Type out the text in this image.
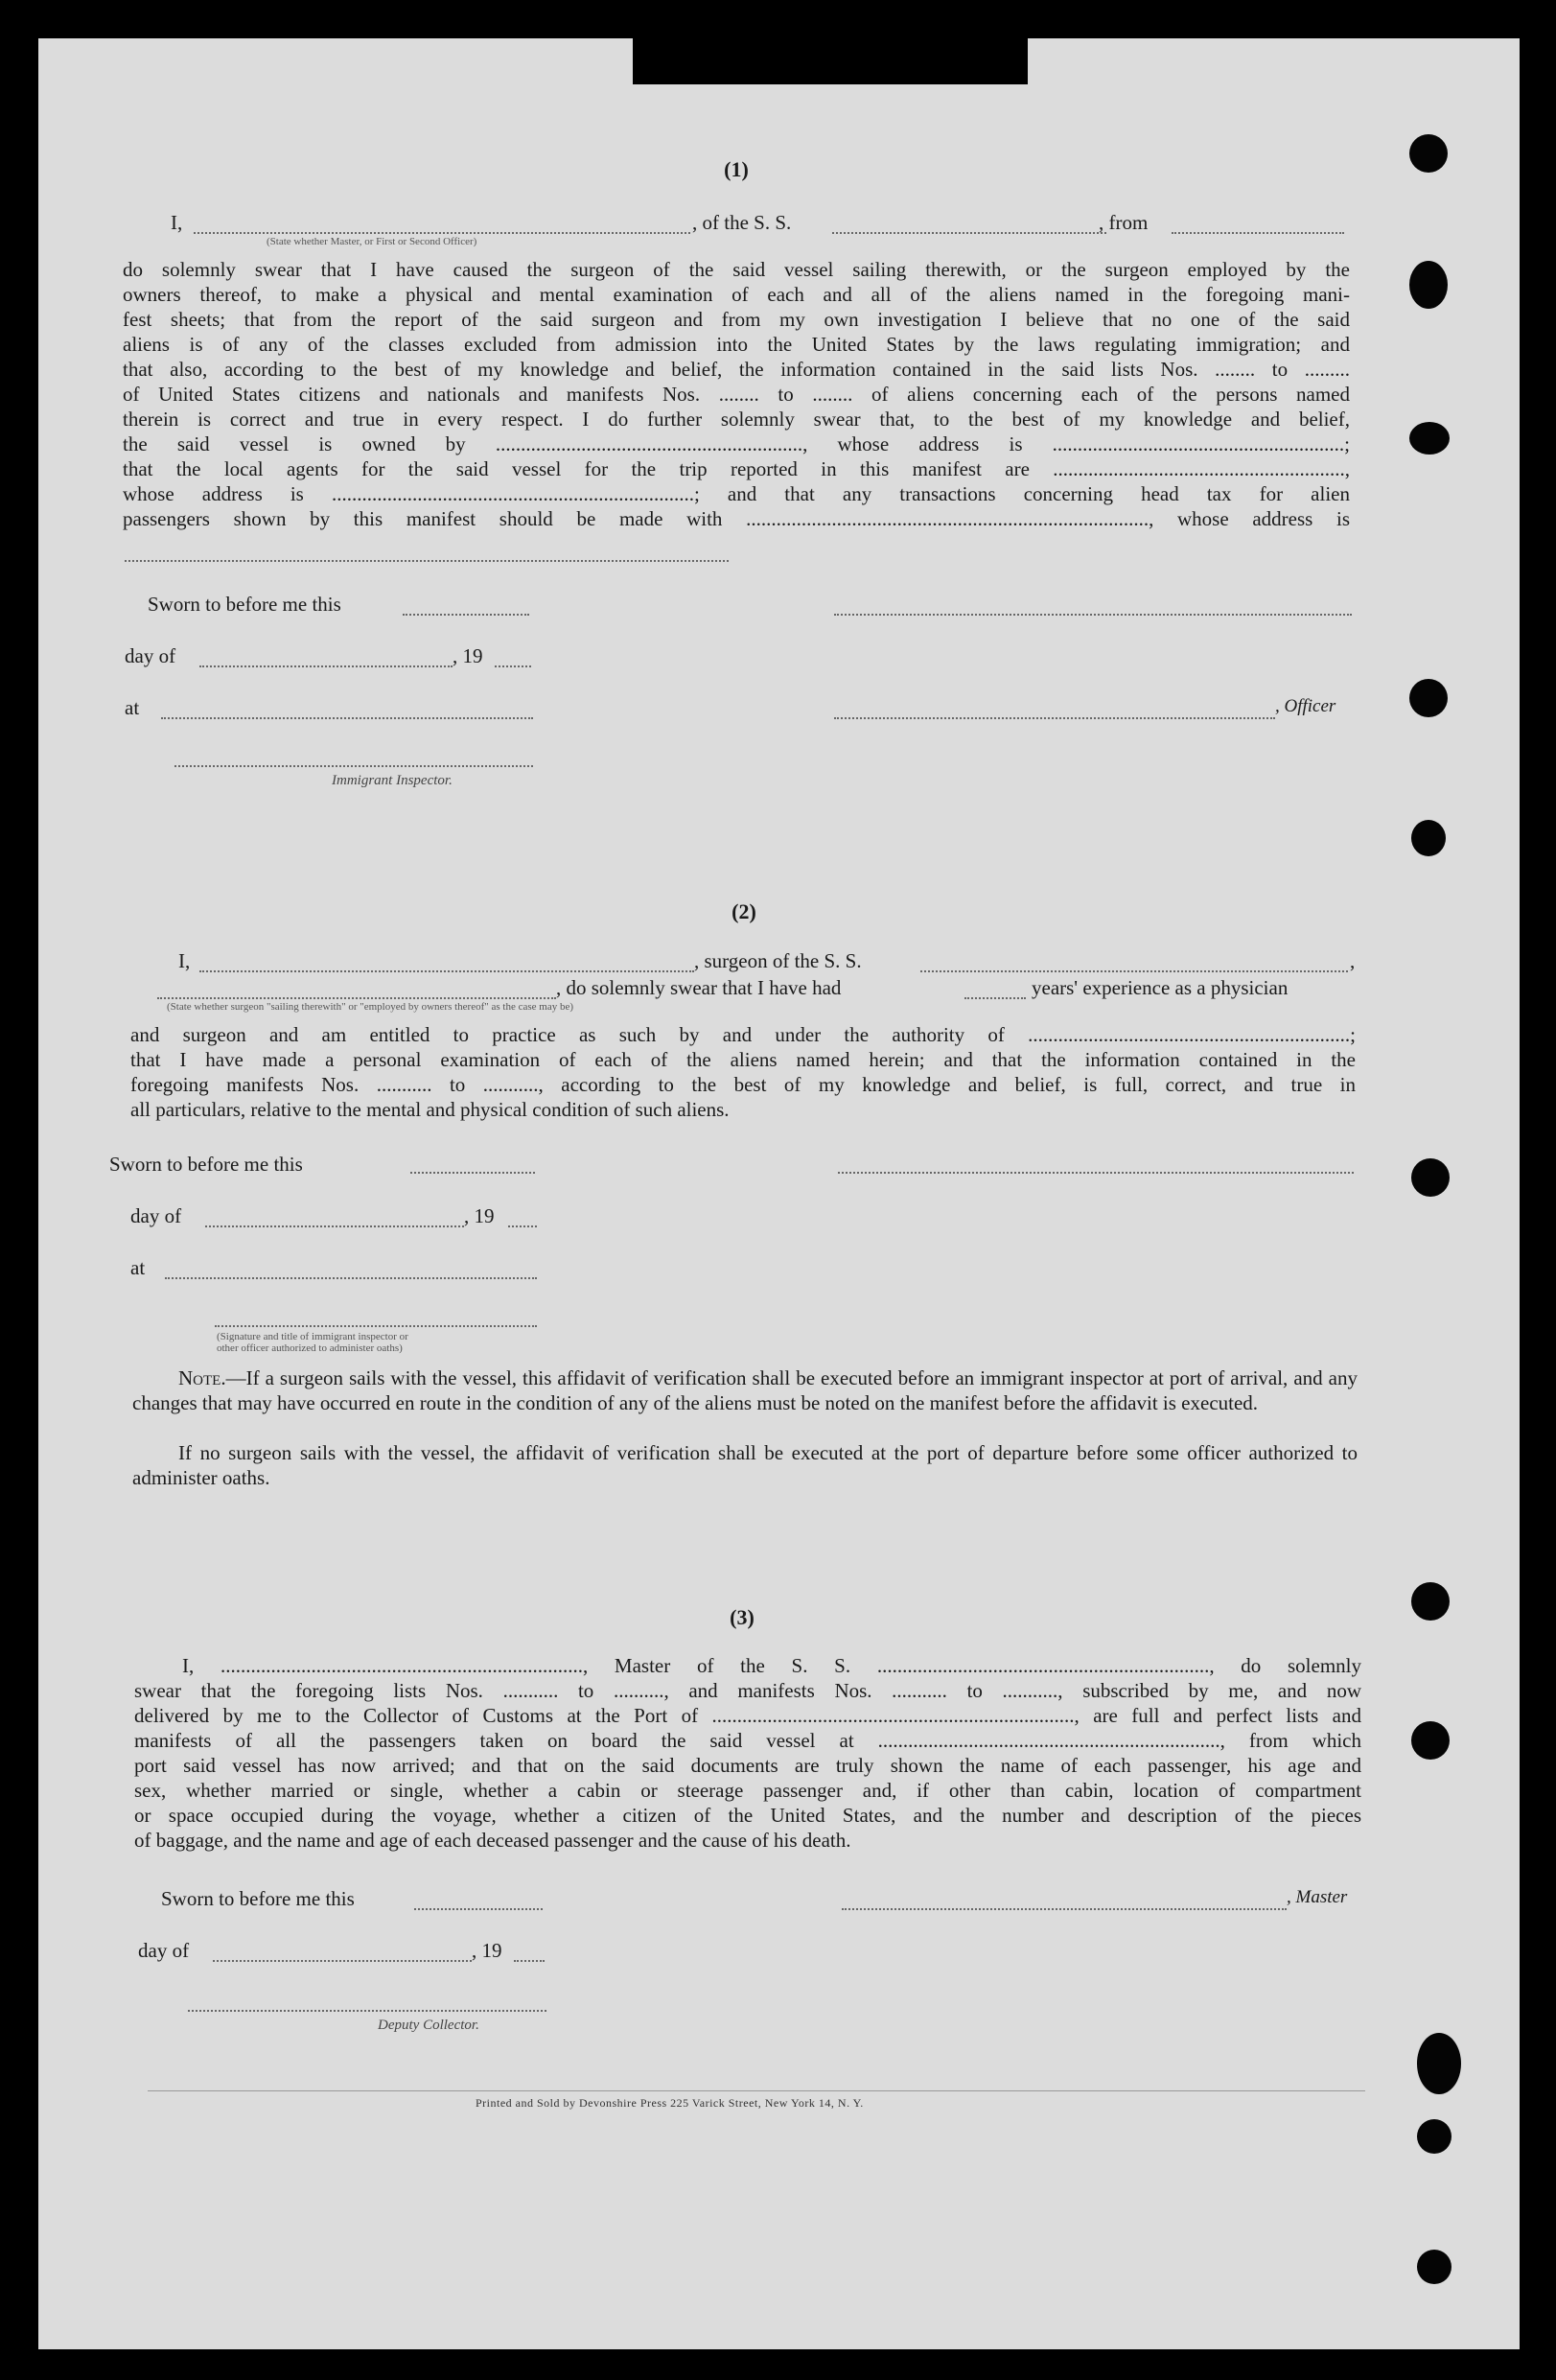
(1)
I,	, of the S. S.	, from
(State whether Master, or First or Second Officer)
do solemnly swear that I have caused the surgeon of the said vessel sailing therewith, or the surgeon employed by the
owners thereof, to make a physical and mental examination of each and all of the aliens named in the foregoing mani-
fest sheets; that from the report of the said surgeon and from my own investigation I believe that no one of the said
aliens is of any of the classes excluded from admission into the United States by the laws regulating immigration; and
that also, according to the best of my knowledge and belief, the information contained in the said lists Nos. ........ to .........
of United States citizens and nationals and manifests Nos. ........ to ........ of aliens concerning each of the persons named
therein is correct and true in every respect. I do further solemnly swear that, to the best of my knowledge and belief,
the said vessel is owned by ............................................................., whose address is ..........................................................;
that the local agents for the said vessel for the trip reported in this manifest are ..........................................................,
whose address is ........................................................................; and that any transactions concerning head tax for alien
passengers shown by this manifest should be made with ................................................................................, whose address is
Sworn to before me this
day of	, 19
at	, Officer
Immigrant Inspector.
(2)
I,	, surgeon of the S. S.	,
, do solemnly swear that I have had	years' experience as a physician
(State whether surgeon "sailing therewith" or "employed by owners thereof" as the case may be)
and surgeon and am entitled to practice as such by and under the authority of ................................................................;
that I have made a personal examination of each of the aliens named herein; and that the information contained in the
foregoing manifests Nos. ........... to ..........., according to the best of my knowledge and belief, is full, correct, and true in
all particulars, relative to the mental and physical condition of such aliens.
Sworn to before me this
day of	, 19
at
(Signature and title of immigrant inspector or
other officer authorized to administer oaths)
Note.—If a surgeon sails with the vessel, this affidavit of verification shall be executed before an immigrant inspector at port of arrival, and any changes that may have occurred en route in the condition of any of the aliens must be noted on the manifest before the affidavit is executed.
If no surgeon sails with the vessel, the affidavit of verification shall be executed at the port of departure before some officer authorized to administer oaths.
(3)
I, ........................................................................, Master of the S. S. .................................................................., do solemnly
swear that the foregoing lists Nos. ........... to .........., and manifests Nos. ........... to ..........., subscribed by me, and now
delivered by me to the Collector of Customs at the Port of ........................................................................, are full and perfect lists and
manifests of all the passengers taken on board the said vessel at ...................................................................., from which
port said vessel has now arrived; and that on the said documents are truly shown the name of each passenger, his age and
sex, whether married or single, whether a cabin or steerage passenger and, if other than cabin, location of compartment
or space occupied during the voyage, whether a citizen of the United States, and the number and description of the pieces
of baggage, and the name and age of each deceased passenger and the cause of his death.
Sworn to before me this	, Master
day of	, 19
Deputy Collector.
Printed and Sold by Devonshire Press 225 Varick Street, New York 14, N. Y.
